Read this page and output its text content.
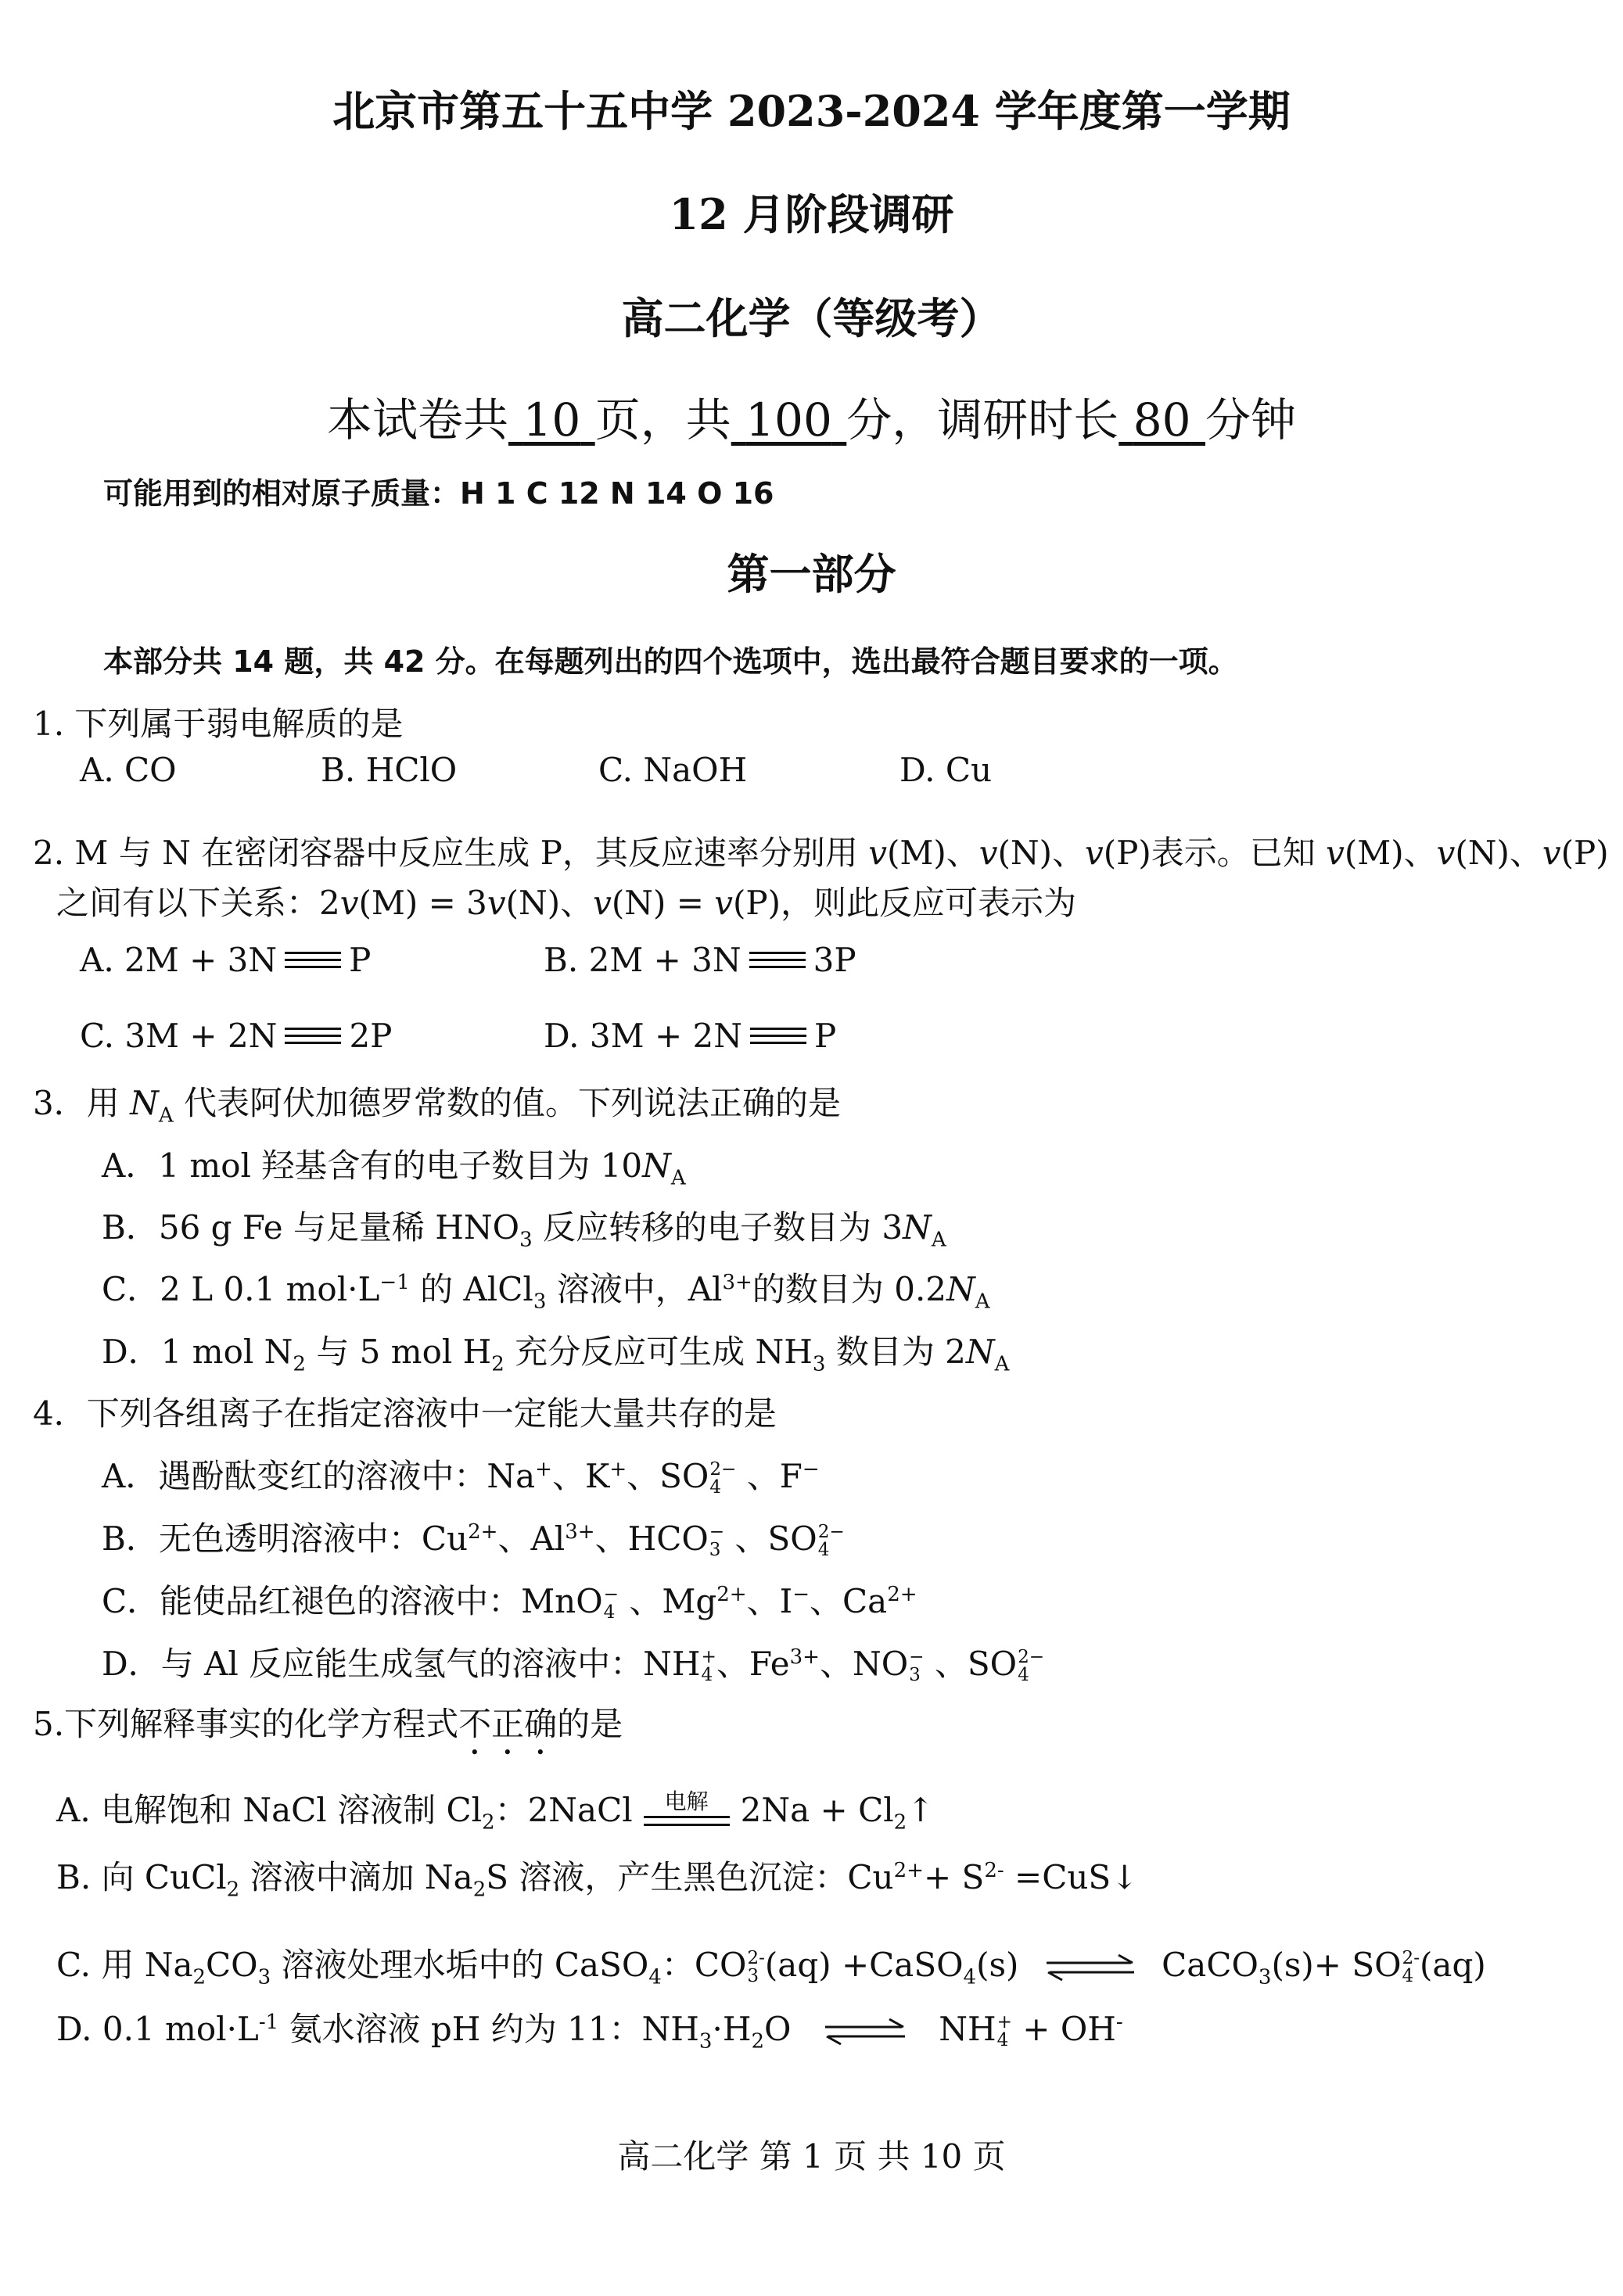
北京市第五十五中学 2023-2024 学年度第一学期
12 月阶段调研
高二化学（等级考）
本试卷共 10 页，共 100 分，调研时长 80 分钟
可能用到的相对原子质量：H 1 C 12 N 14 O 16
第一部分
本部分共 14 题，共 42 分。在每题列出的四个选项中，选出最符合题目要求的一项。
1. 下列属于弱电解质的是
A. CO	B. HClO	C. NaOH	D. Cu
2. M 与 N 在密闭容器中反应生成 P，其反应速率分别用 v(M)、v(N)、v(P)表示。已知 v(M)、v(N)、v(P)
之间有以下关系：2v(M) = 3v(N)、v(N) = v(P)，则此反应可表示为
A. 2M + 3N P	B. 2M + 3N 3P
C. 3M + 2N 2P	D. 3M + 2N P
3．用 $N_A$ 代表阿伏加德罗常数的值。下列说法正确的是
A．1 mol 羟基含有的电子数目为 $10N_A$
B．56 g Fe 与足量稀 $HNO_3$ 反应转移的电子数目为 $3N_A$
C．2 L 0.1 $mol\cdot L^{-1}$ 的 AlCl$_3$ 溶液中，$Al^{3+}$的数目为 $0.2N_A$
D．1 mol $N_2$ 与 5 mol $H_2$ 充分反应可生成 $NH_3$ 数目为 $2N_A$
4．下列各组离子在指定溶液中一定能大量共存的是
A．遇酚酞变红的溶液中：Na+、K+、SO 2−
4 、F−
B．无色透明溶液中：$Cu^{2+}$、$Al^{3+}$、HCO −
3 、SO 2−
4
C．能使品红褪色的溶液中：MnO −
4 、$Mg^{2+}$、I−、$Ca^{2+}$
D．与 Al 反应能生成氢气的溶液中：NH +
4 、$Fe^{3+}$、NO −
3 、SO 2−
4
5.下列解释事实的化学方程式不正确的是
A. 电解饱和 NaCl 溶液制 $Cl_2$：2NaCl	电解 $2Na + Cl_2↑$
B. 向 CuCl$_2$ 溶液中滴加 $Na_2S$ 溶液，产生黑色沉淀：$Cu^{2+}+ S^{2-}$ =CuS↓
C. 用 $Na_2CO_3$ 溶液处理水垢中的 CaSO$_4$：CO 2-
3 (aq) +CaSO$_4$(s) ⇌ CaCO$_3$(s)+ SO 2-
4 (aq)
D. 0.1 $mol\cdot L^{-1}$ 氨水溶液 pH 约为 11：$NH_3\cdot H_2O$ ⇌ NH +
4 + OH-
高二化学 第 1 页 共 10 页
